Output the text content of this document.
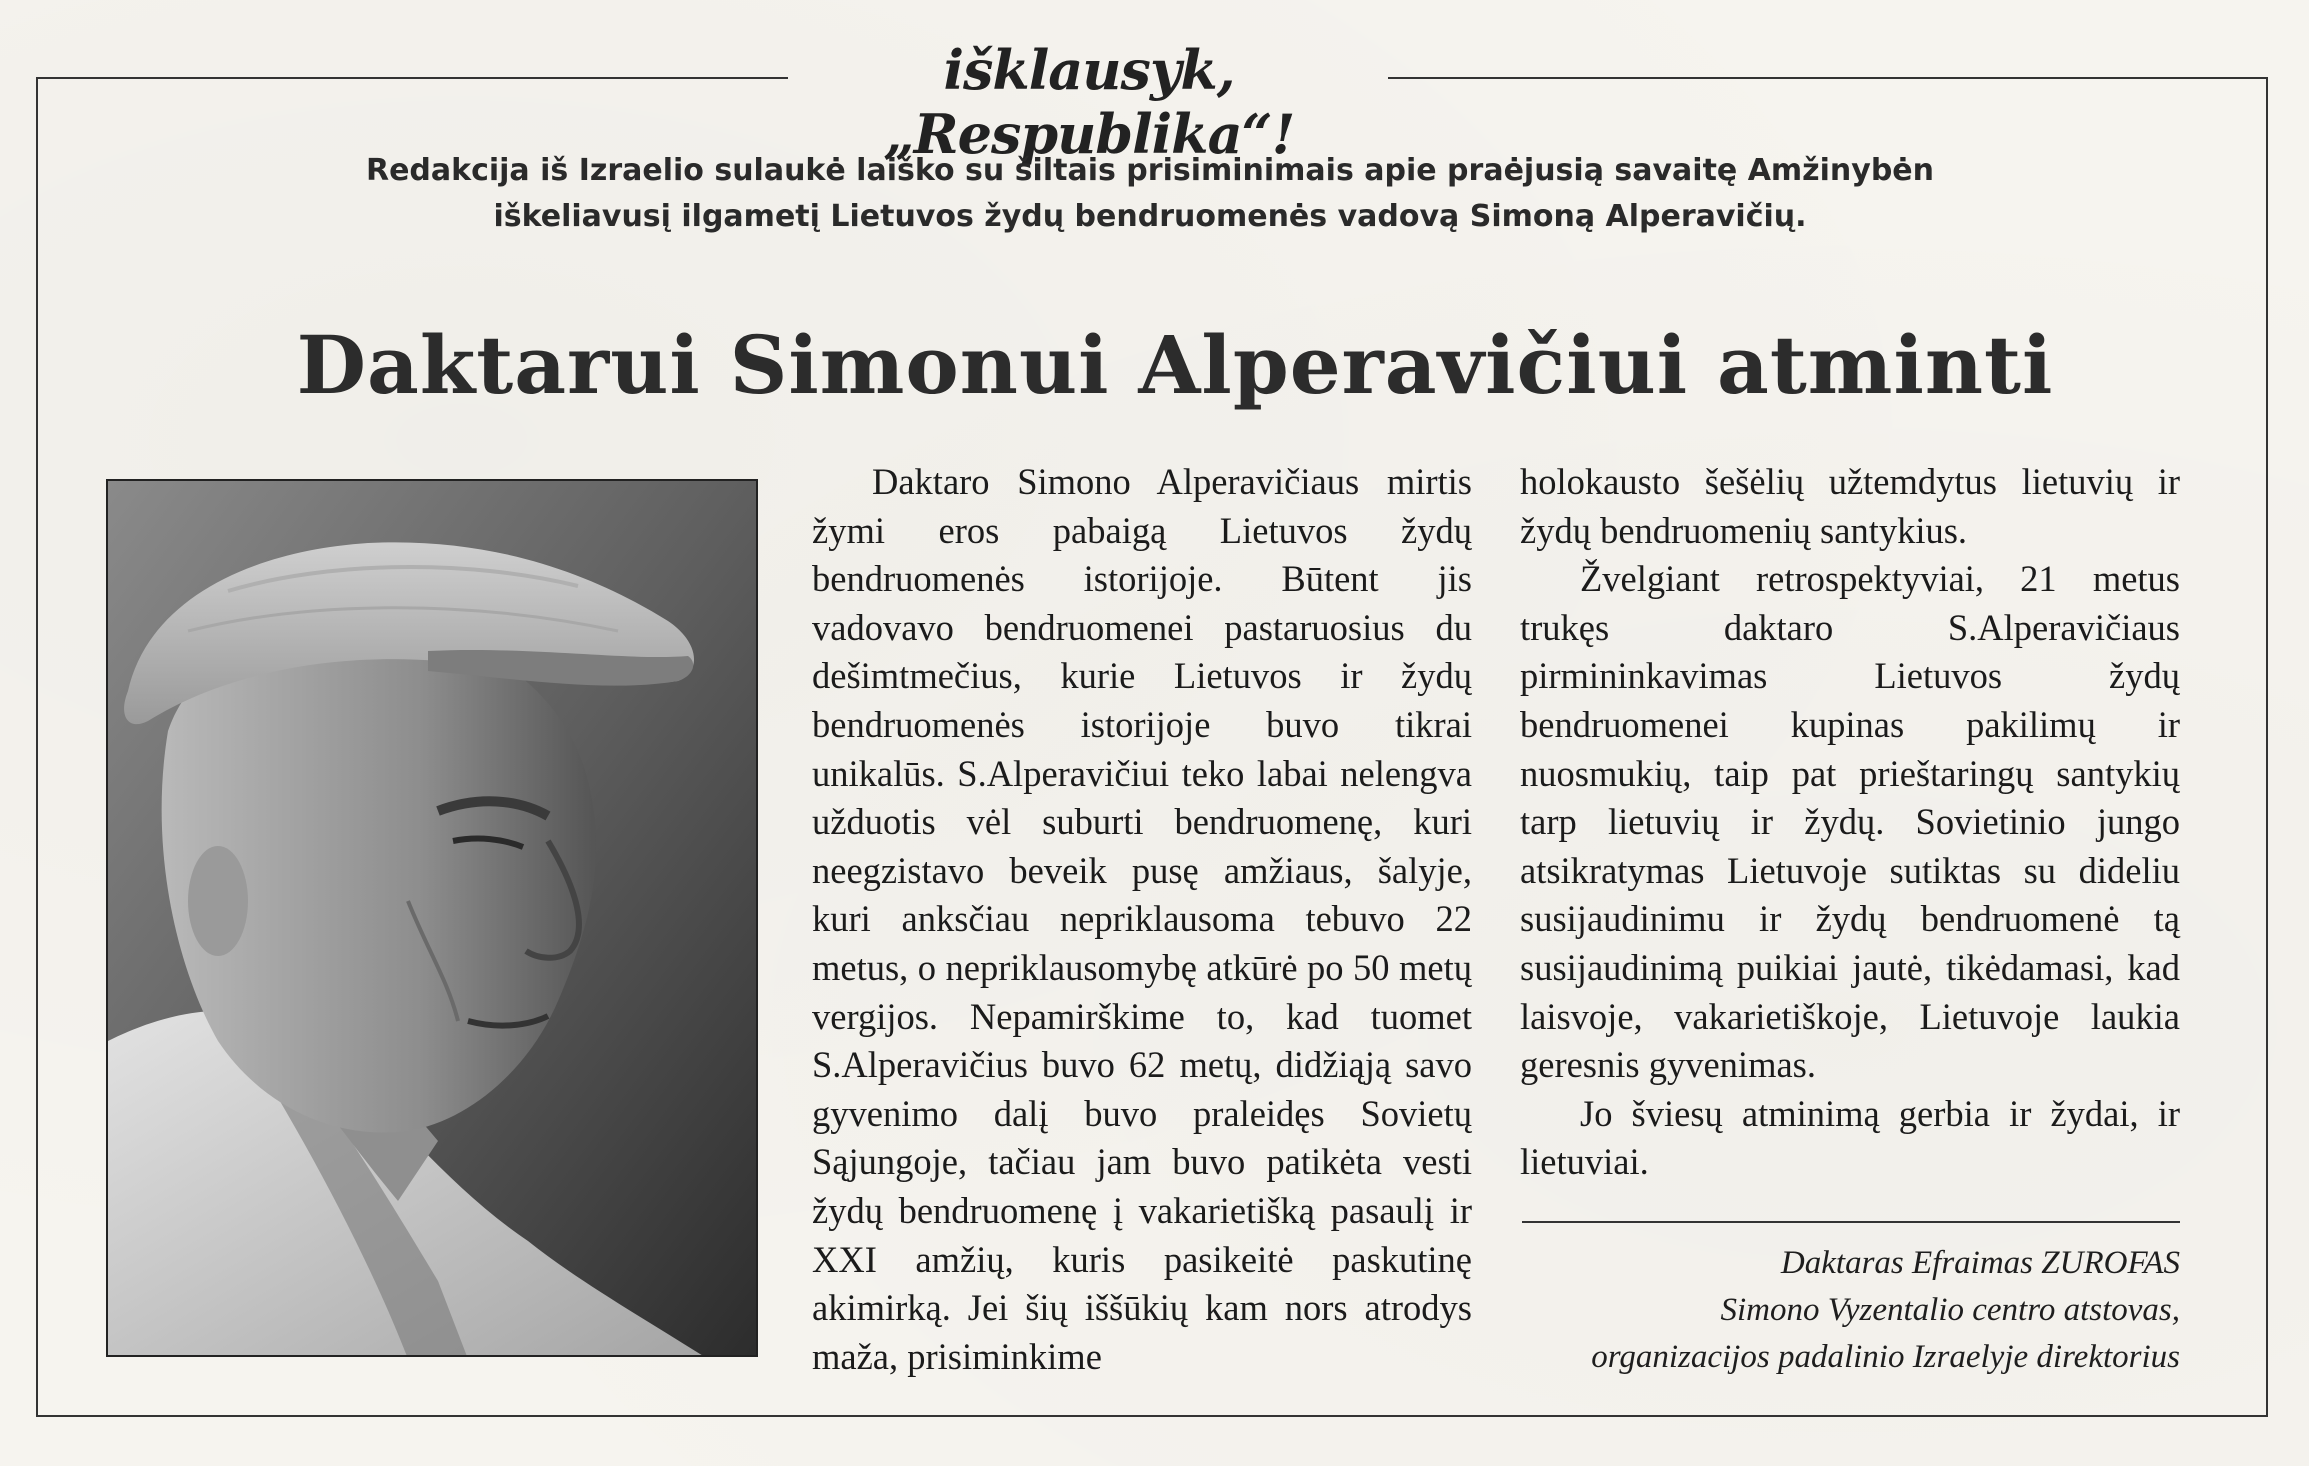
išklausyk, „Respublika“!
Redakcija iš Izraelio sulaukė laiško su šiltais prisiminimais apie praėjusią savaitę Amžinybėn
iškeliavusį ilgametį Lietuvos žydų bendruomenės vadovą Simoną Alperavičių.
Daktarui Simonui Alperavičiui atminti

Daktaro Simono Alperavičiaus mirtis žymi eros pabaigą Lietuvos žydų bendruomenės istorijoje. Būtent jis vadovavo bendruomenei pastaruosius du dešimtmečius, kurie Lietuvos ir žydų bendruomenės istorijoje buvo tikrai unikalūs. S.Alperavičiui teko labai nelengva užduotis vėl suburti bendruomenę, kuri neegzistavo beveik pusę amžiaus, šalyje, kuri anksčiau nepriklausoma tebuvo 22 metus, o nepriklausomybę atkūrė po 50 metų vergijos. Nepamirškime to, kad tuomet S.Alperavičius buvo 62 metų, didžiąją savo gyvenimo dalį buvo praleidęs Sovietų Sąjungoje, tačiau jam buvo patikėta vesti žydų bendruomenę į vakarietišką pasaulį ir XXI amžių, kuris pasikeitė paskutinę akimirką. Jei šių iššūkių kam nors atrodys maža, prisiminkime

holokausto šešėlių užtemdytus lietuvių ir žydų bendruomenių santykius.

Žvelgiant retrospektyviai, 21 metus trukęs daktaro S.Alperavičiaus pirmininkavimas Lietuvos žydų bendruomenei kupinas pakilimų ir nuosmukių, taip pat prieštaringų santykių tarp lietuvių ir žydų. Sovietinio jungo atsikratymas Lietuvoje sutiktas su dideliu susijaudinimu ir žydų bendruomenė tą susijaudinimą puikiai jautė, tikėdamasi, kad laisvoje, vakarietiškoje, Lietuvoje laukia geresnis gyvenimas.

Jo šviesų atminimą gerbia ir žydai, ir lietuviai.

Daktaras Efraimas ZUROFAS
Simono Vyzentalio centro atstovas,
organizacijos padalinio Izraelyje direktorius
